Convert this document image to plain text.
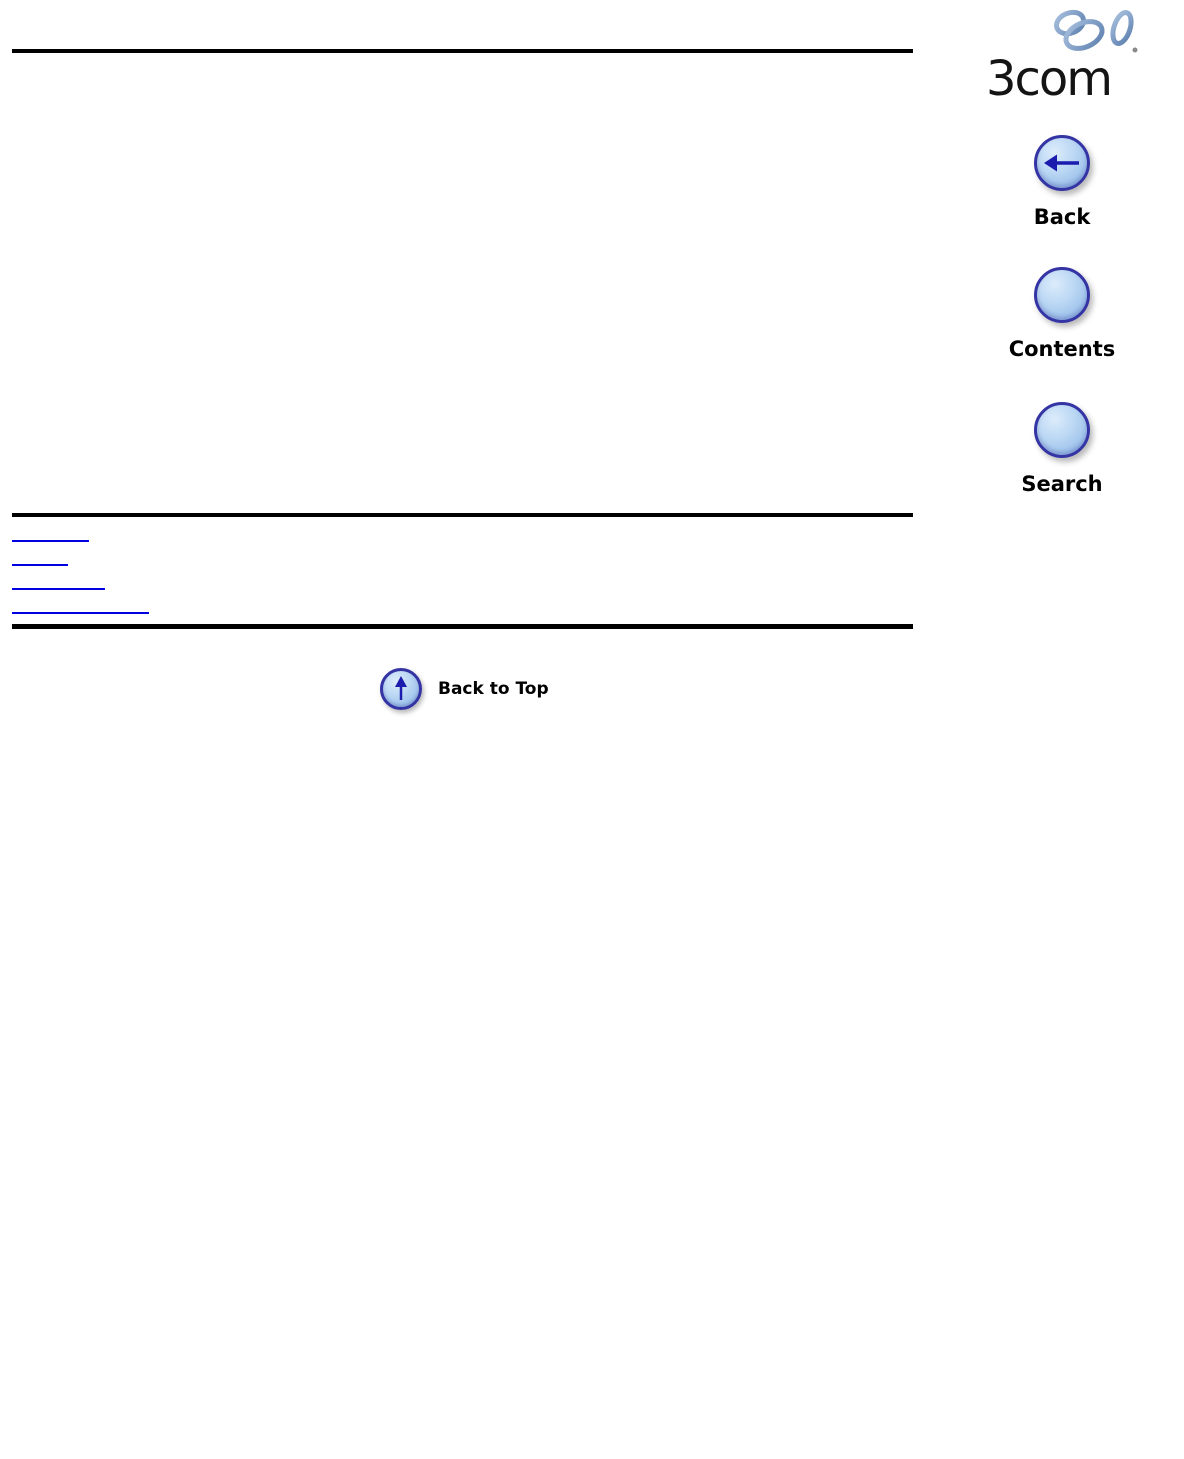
3com
Back
Contents
Search
Back to Top
